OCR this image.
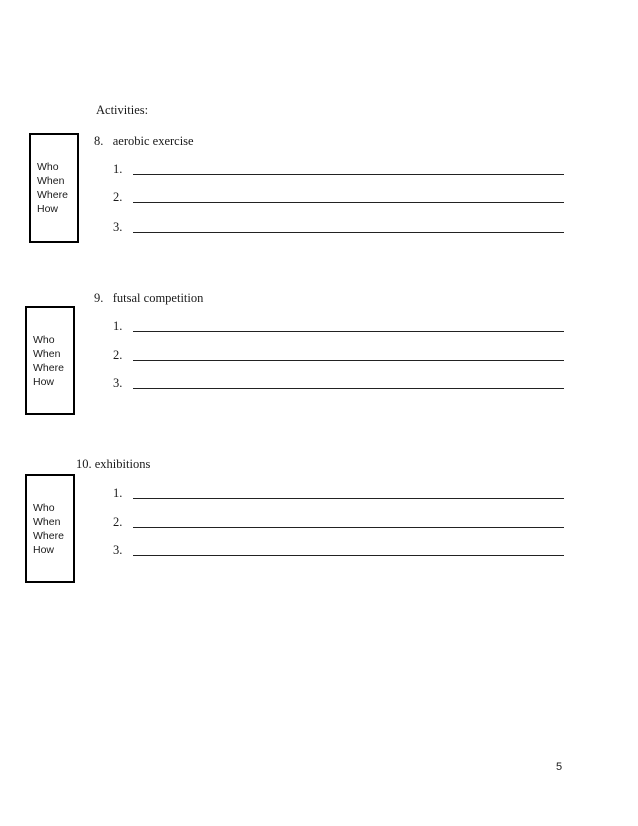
Activities:
8. aerobic exercise
Who
When
Where
How
1.
2.
3.
9. futsal competition
Who
When
Where
How
1.
2.
3.
10. exhibitions
Who
When
Where
How
1.
2.
3.
5
